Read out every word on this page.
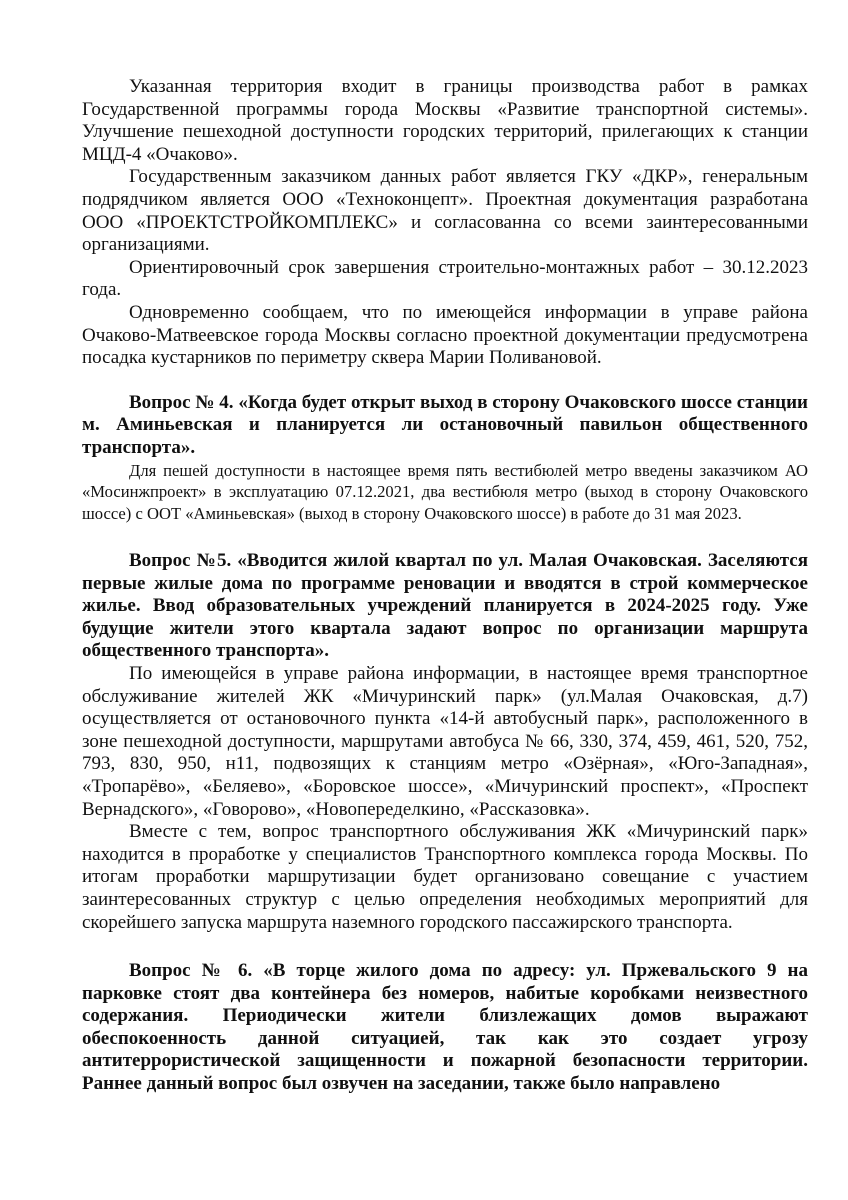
Указанная территория входит в границы производства работ в рамках Государственной программы города Москвы «Развитие транспортной системы». Улучшение пешеходной доступности городских территорий, прилегающих к станции МЦД-4 «Очаково».

Государственным заказчиком данных работ является ГКУ «ДКР», генеральным подрядчиком является ООО «Техноконцепт». Проектная документация разработана ООО «ПРОЕКТСТРОЙКОМПЛЕКС» и согласованна со всеми заинтересованными организациями.

Ориентировочный срок завершения строительно-монтажных работ – 30.12.2023 года.

Одновременно сообщаем, что по имеющейся информации в управе района Очаково-Матвеевское города Москвы согласно проектной документации предусмотрена посадка кустарников по периметру сквера Марии Поливановой.

Вопрос № 4. «Когда будет открыт выход в сторону Очаковского шоссе станции м. Аминьевская и планируется ли остановочный павильон общественного транспорта».

Для пешей доступности в настоящее время пять вестибюлей метро введены заказчиком АО «Мосинжпроект» в эксплуатацию 07.12.2021, два вестибюля метро (выход в сторону Очаковского шоссе) с ООТ «Аминьевская» (выход в сторону Очаковского шоссе) в работе до 31 мая 2023.

Вопрос №5. «Вводится жилой квартал по ул. Малая Очаковская. Заселяются первые жилые дома по программе реновации и вводятся в строй коммерческое жилье. Ввод образовательных учреждений планируется в 2024-2025 году. Уже будущие жители этого квартала задают вопрос по организации маршрута общественного транспорта».

По имеющейся в управе района информации, в настоящее время транспортное обслуживание жителей ЖК «Мичуринский парк» (ул.Малая Очаковская, д.7) осуществляется от остановочного пункта «14-й автобусный парк», расположенного в зоне пешеходной доступности, маршрутами автобуса № 66, 330, 374, 459, 461, 520, 752, 793, 830, 950, н11, подвозящих к станциям метро «Озёрная», «Юго-Западная», «Тропарёво», «Беляево», «Боровское шоссе», «Мичуринский проспект», «Проспект Вернадского», «Говорово», «Новопеределкино, «Рассказовка».

Вместе с тем, вопрос транспортного обслуживания ЖК «Мичуринский парк» находится в проработке у специалистов Транспортного комплекса города Москвы. По итогам проработки маршрутизации будет организовано совещание с участием заинтересованных структур с целью определения необходимых мероприятий для скорейшего запуска маршрута наземного городского пассажирского транспорта.

Вопрос № 6. «В торце жилого дома по адресу: ул. Пржевальского 9 на парковке стоят два контейнера без номеров, набитые коробками неизвестного содержания. Периодически жители близлежащих домов выражают обеспокоенность данной ситуацией, так как это создает угрозу антитеррористической защищенности и пожарной безопасности территории. Раннее данный вопрос был озвучен на заседании, также было направлено
